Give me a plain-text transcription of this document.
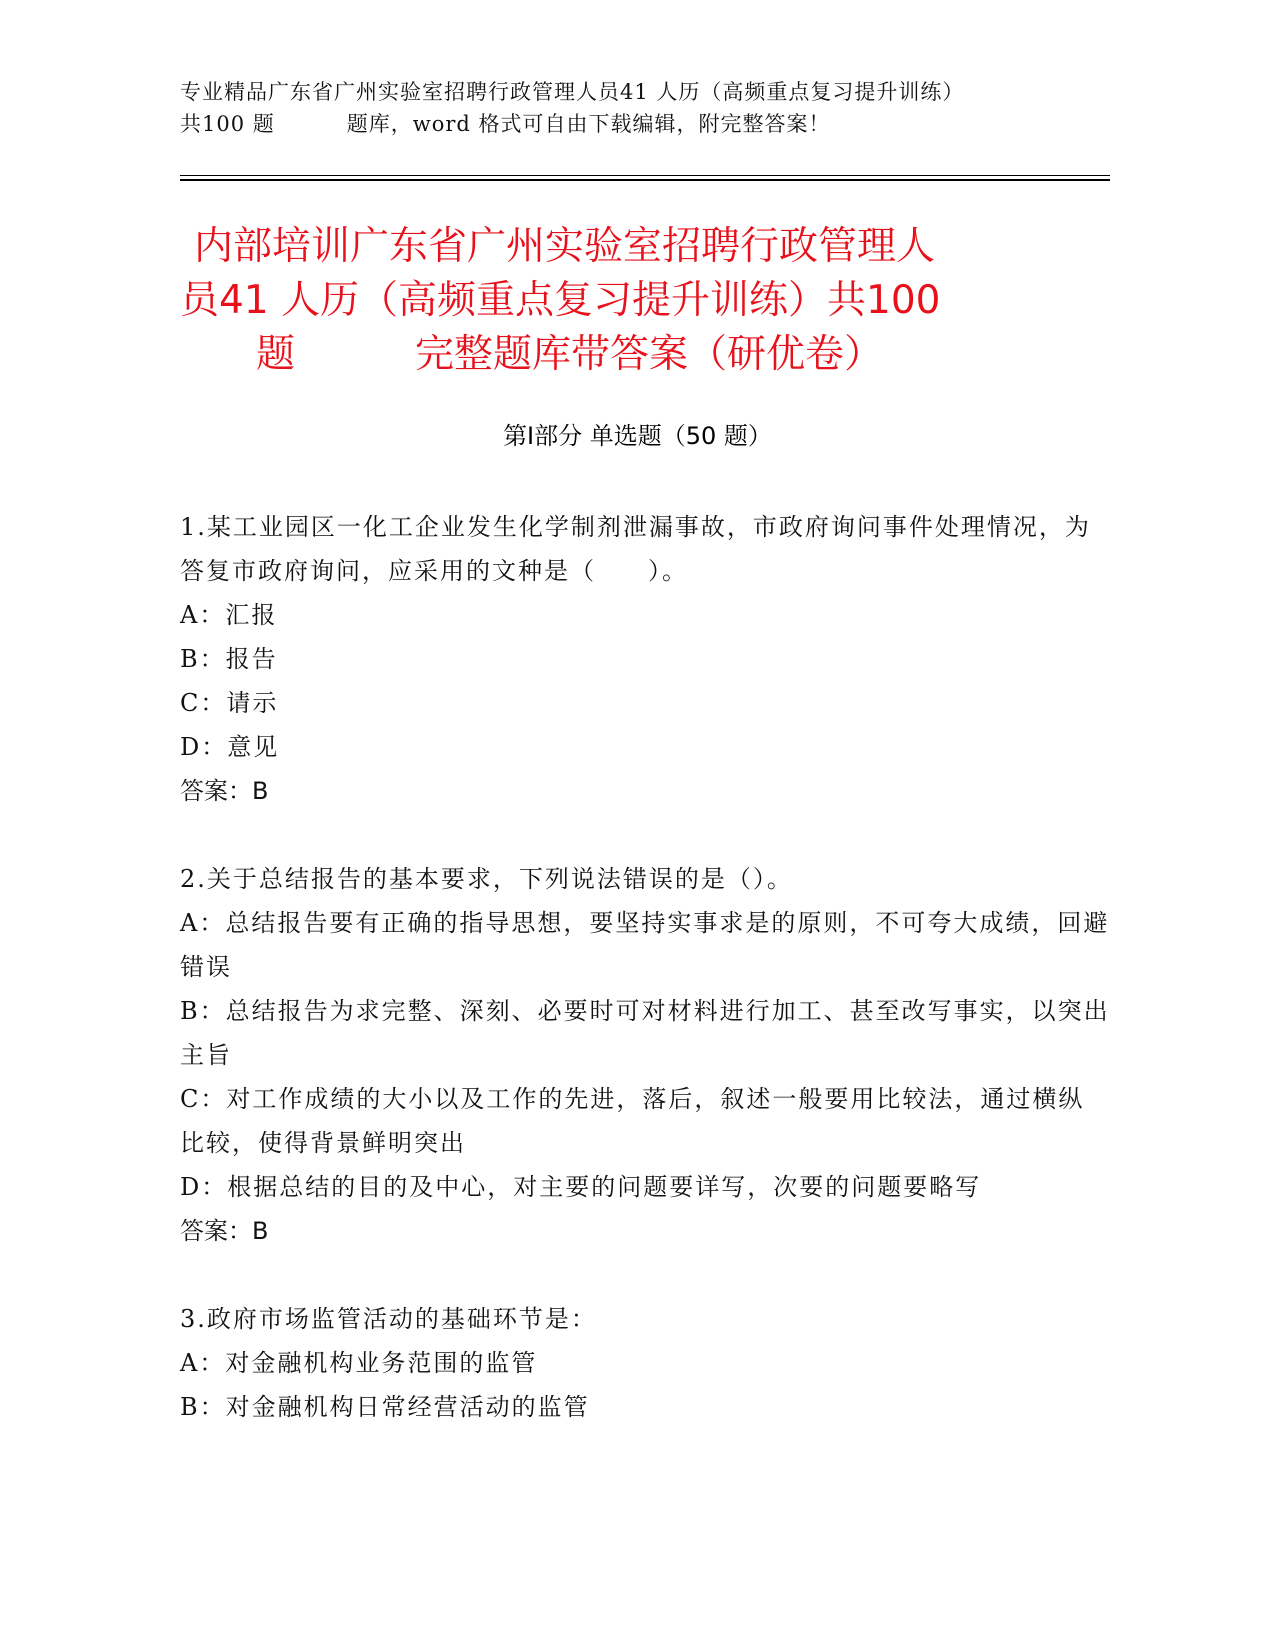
专业精品广东省广州实验室招聘行政管理人员41 人历（高频重点复习提升训练）
共100 题	题库，word 格式可自由下载编辑，附完整答案！
内部培训广东省广州实验室招聘行政管理人
员41 人历（高频重点复习提升训练）共100
题	完整题库带答案（研优卷）
第Ⅰ部分 单选题（50 题）

1.某工业园区一化工企业发生化学制剂泄漏事故，市政府询问事件处理情况，为答复市政府询问，应采用的文种是（　　）。

A：汇报

B：报告

C：请示

D：意见

答案：B

2.关于总结报告的基本要求，下列说法错误的是（）。

A：总结报告要有正确的指导思想，要坚持实事求是的原则，不可夸大成绩，回避错误

B：总结报告为求完整、深刻、必要时可对材料进行加工、甚至改写事实，以突出主旨

C：对工作成绩的大小以及工作的先进，落后，叙述一般要用比较法，通过横纵比较，使得背景鲜明突出

D：根据总结的目的及中心，对主要的问题要详写，次要的问题要略写

答案：B

3.政府市场监管活动的基础环节是：

A：对金融机构业务范围的监管

B：对金融机构日常经营活动的监管
